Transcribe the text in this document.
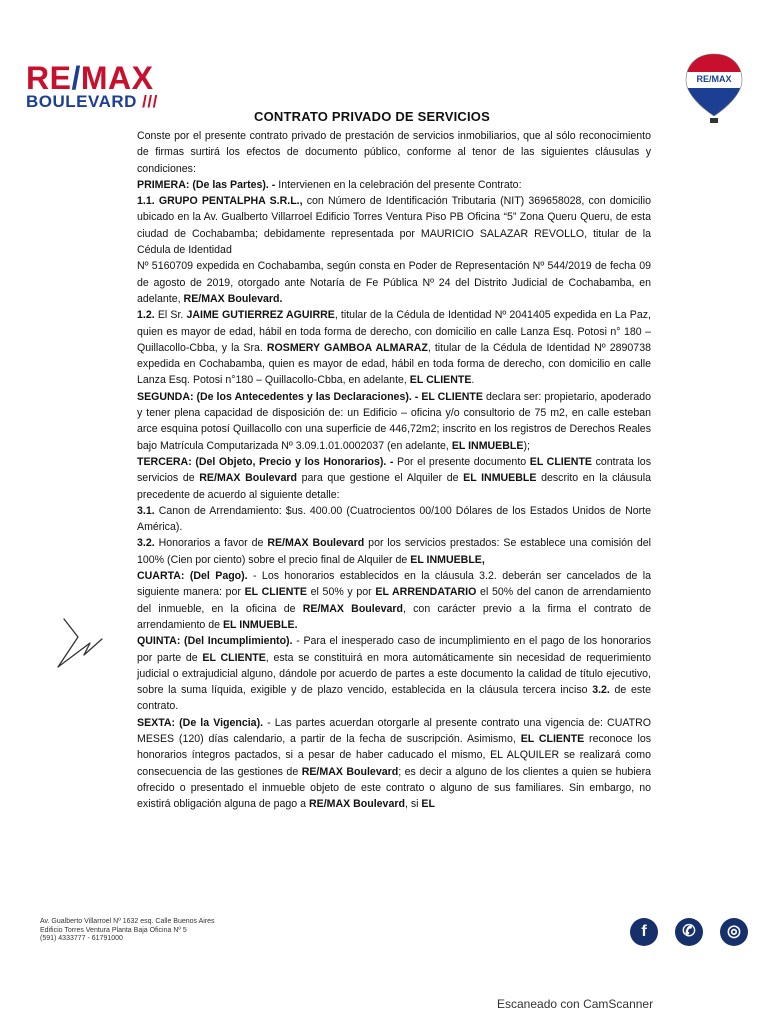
RE/MAX
BOULEVARD ///
RE/MAX
CONTRATO PRIVADO DE SERVICIOS

Conste por el presente contrato privado de prestación de servicios inmobiliarios, que al sólo reconocimiento de firmas surtirá los efectos de documento público, conforme al tenor de las siguientes cláusulas y condiciones:

PRIMERA: (De las Partes). - Intervienen en la celebración del presente Contrato:

1.1. GRUPO PENTALPHA S.R.L., con Número de Identificación Tributaria (NIT) 369658028, con domicilio ubicado en la Av. Gualberto Villarroel Edificio Torres Ventura Piso PB Oficina “5” Zona Queru Queru, de esta ciudad de Cochabamba; debidamente representada por MAURICIO SALAZAR REVOLLO, titular de la Cédula de Identidad

Nº 5160709 expedida en Cochabamba, según consta en Poder de Representación Nº 544/2019 de fecha 09 de agosto de 2019, otorgado ante Notaría de Fe Pública Nº 24 del Distrito Judicial de Cochabamba, en adelante, RE/MAX Boulevard.

1.2. El Sr. JAIME GUTIERREZ AGUIRRE, titular de la Cédula de Identidad Nº 2041405 expedida en La Paz, quien es mayor de edad, hábil en toda forma de derecho, con domicilio en calle Lanza Esq. Potosi n° 180 – Quillacollo-Cbba, y la Sra. ROSMERY GAMBOA ALMARAZ, titular de la Cédula de Identidad Nº 2890738 expedida en Cochabamba, quien es mayor de edad, hábil en toda forma de derecho, con domicilio en calle Lanza Esq. Potosi n°180 – Quillacollo-Cbba, en adelante, EL CLIENTE.

SEGUNDA: (De los Antecedentes y las Declaraciones). - EL CLIENTE declara ser: propietario, apoderado y tener plena capacidad de disposición de: un Edificio – oficina y/o consultorio de 75 m2, en calle esteban arce esquina potosí Quillacollo con una superficie de 446,72m2; inscrito en los registros de Derechos Reales bajo Matrícula Computarizada Nº 3.09.1.01.0002037 (en adelante, EL INMUEBLE);

TERCERA: (Del Objeto, Precio y los Honorarios). - Por el presente documento EL CLIENTE contrata los servicios de RE/MAX Boulevard para que gestione el Alquiler de EL INMUEBLE descrito en la cláusula precedente de acuerdo al siguiente detalle:

3.1. Canon de Arrendamiento: $us. 400.00 (Cuatrocientos 00/100 Dólares de los Estados Unidos de Norte América).

3.2. Honorarios a favor de RE/MAX Boulevard por los servicios prestados: Se establece una comisión del 100% (Cien por ciento) sobre el precio final de Alquiler de EL INMUEBLE,

CUARTA: (Del Pago). - Los honorarios establecidos en la cláusula 3.2. deberán ser cancelados de la siguiente manera: por EL CLIENTE el 50% y por EL ARRENDATARIO el 50% del canon de arrendamiento del inmueble, en la oficina de RE/MAX Boulevard, con carácter previo a la firma el contrato de arrendamiento de EL INMUEBLE.

QUINTA: (Del Incumplimiento). - Para el inesperado caso de incumplimiento en el pago de los honorarios por parte de EL CLIENTE, esta se constituirá en mora automáticamente sin necesidad de requerimiento judicial o extrajudicial alguno, dándole por acuerdo de partes a este documento la calidad de título ejecutivo, sobre la suma líquida, exigible y de plazo vencido, establecida en la cláusula tercera inciso 3.2. de este contrato.

SEXTA: (De la Vigencia). - Las partes acuerdan otorgarle al presente contrato una vigencia de: CUATRO MESES (120) días calendario, a partir de la fecha de suscripción. Asimismo, EL CLIENTE reconoce los honorarios íntegros pactados, si a pesar de haber caducado el mismo, EL ALQUILER se realizará como consecuencia de las gestiones de RE/MAX Boulevard; es decir a alguno de los clientes a quien se hubiera ofrecido o presentado el inmueble objeto de este contrato o alguno de sus familiares. Sin embargo, no existirá obligación alguna de pago a RE/MAX Boulevard, si EL

Av. Gualberto Villarroel Nº 1632 esq. Calle Buenos Aires
Edificio Torres Ventura Planta Baja Oficina Nº 5
(591) 4333777 - 61791000	f	✆	◎
Escaneado con CamScanner
